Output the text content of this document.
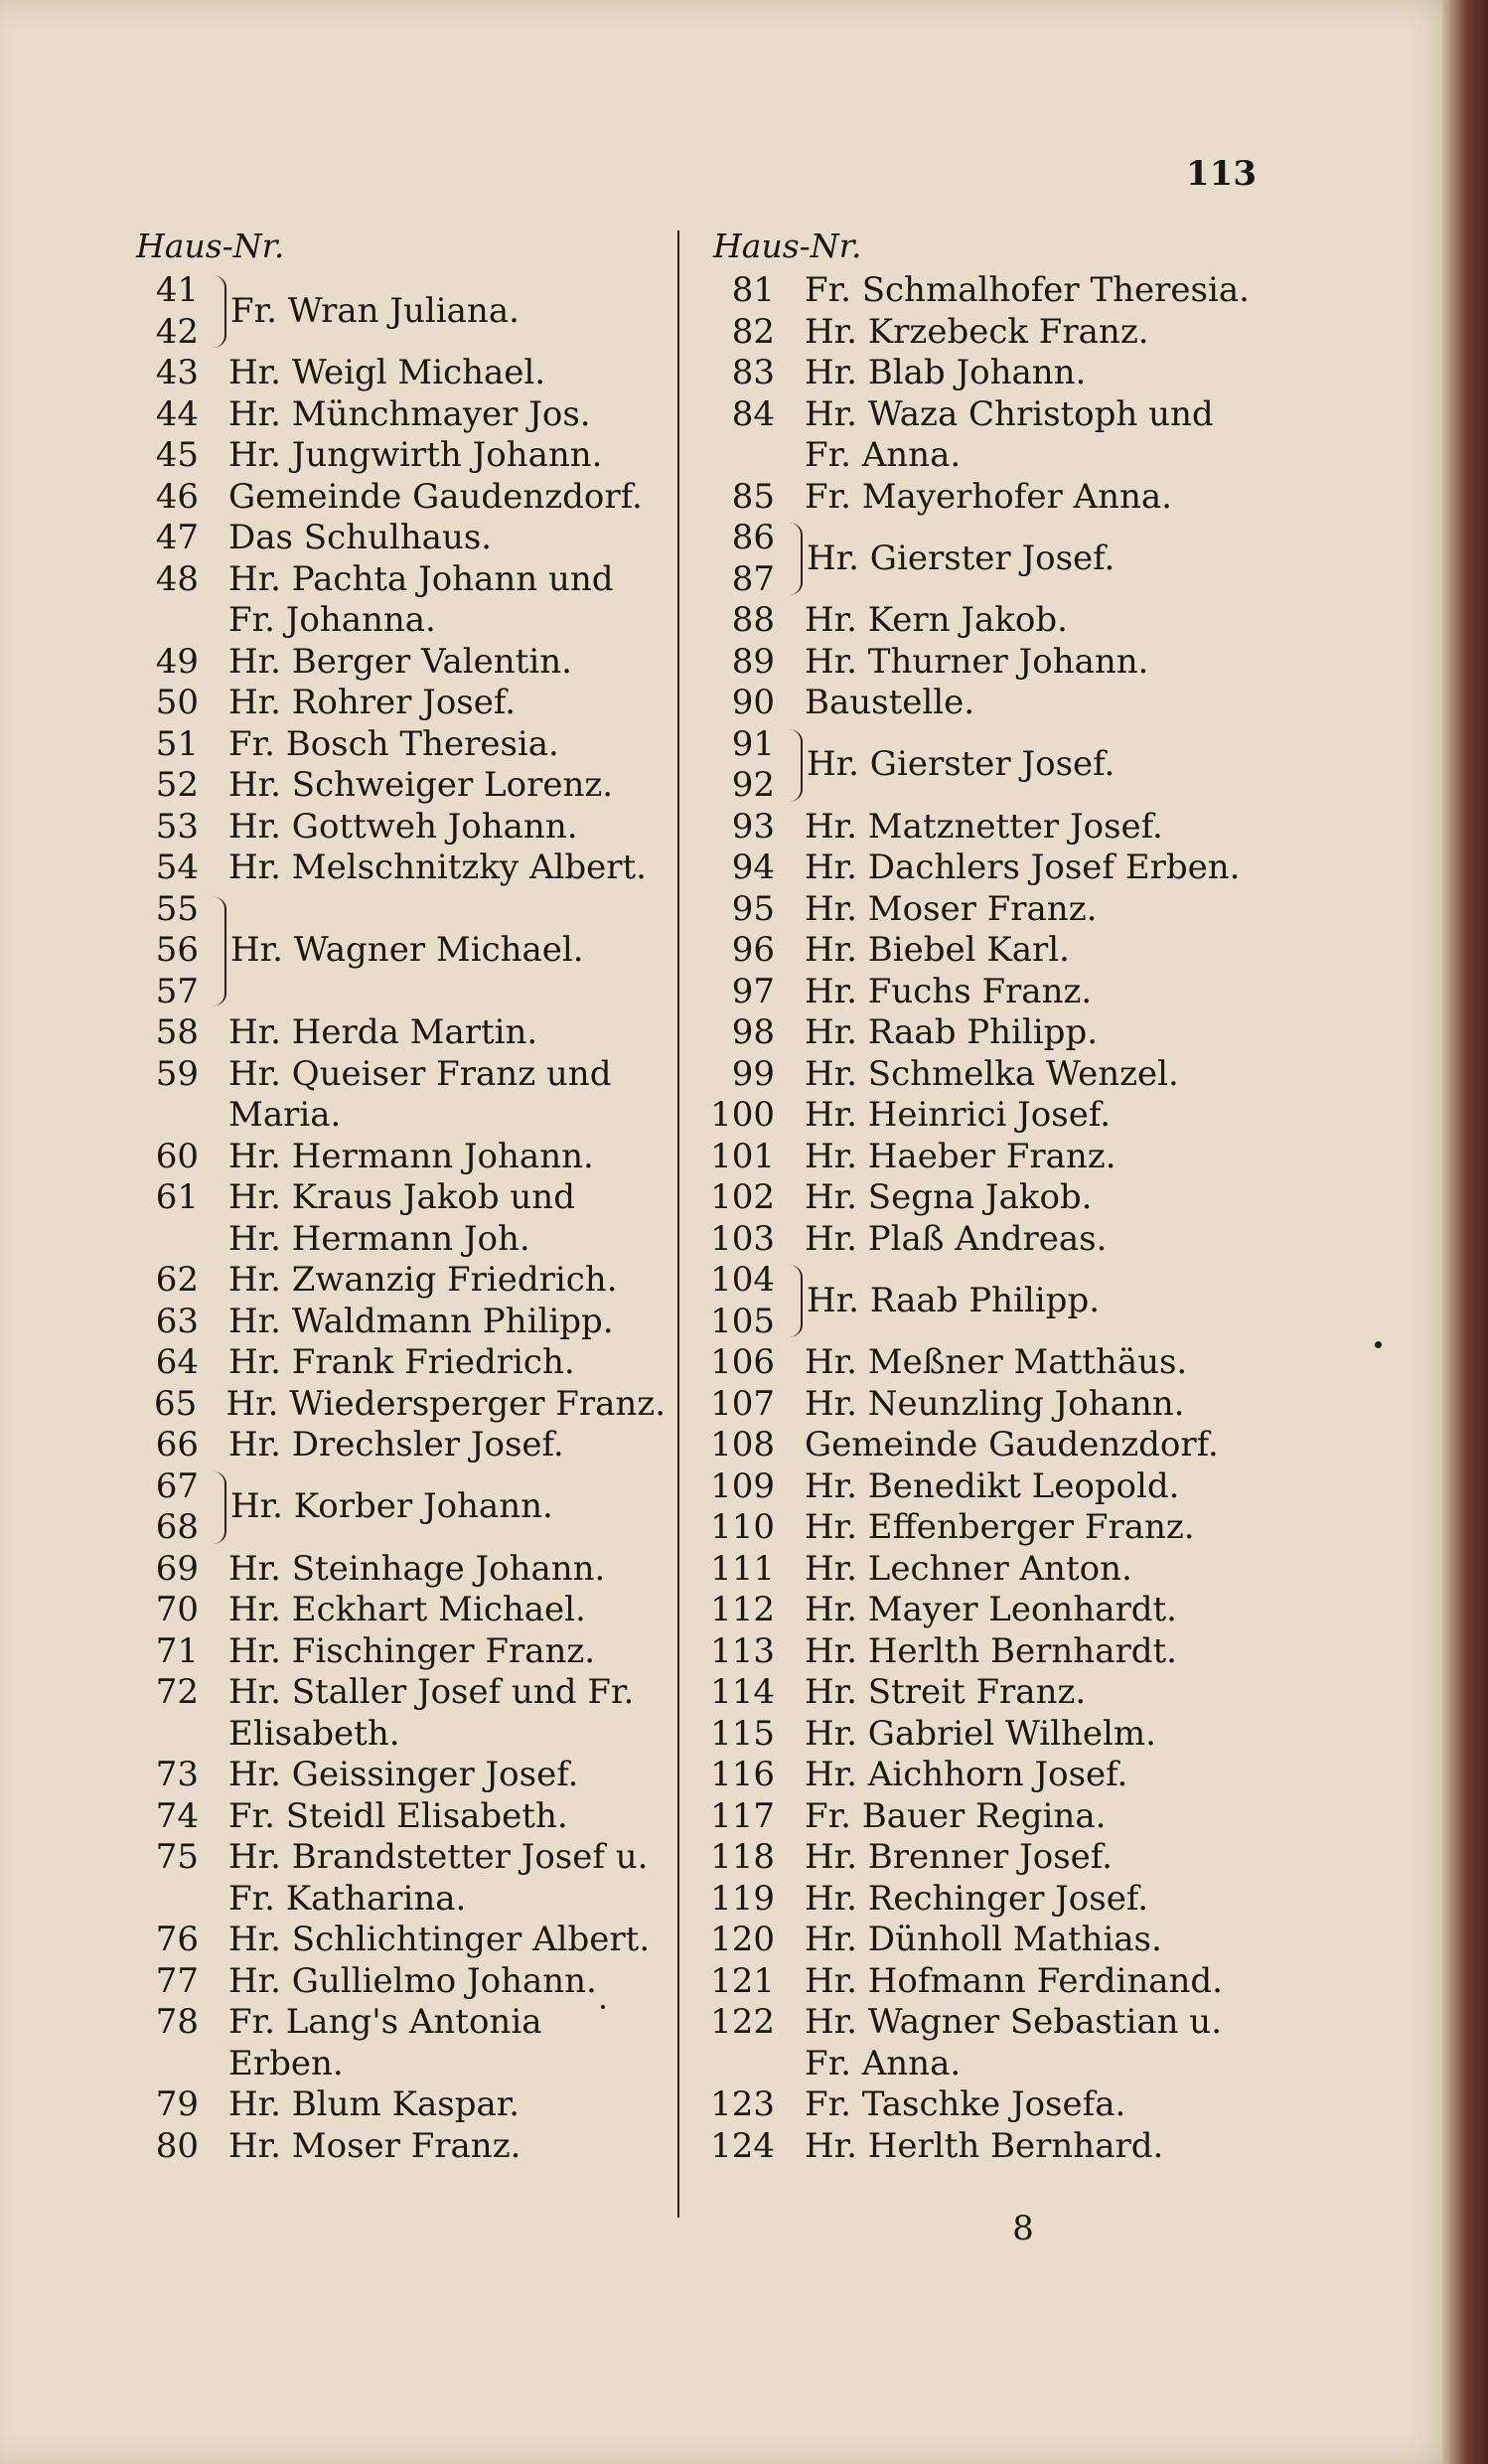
113
Haus-Nr.	Haus-Nr.
41
42
Fr. Wran Juliana.
43 Hr. Weigl Michael.
44 Hr. Münchmayer Jos.
45 Hr. Jungwirth Johann.
46 Gemeinde Gaudenzdorf.
47 Das Schulhaus.
48 Hr. Pachta Johann und
Fr. Johanna.
49 Hr. Berger Valentin.
50 Hr. Rohrer Josef.
51 Fr. Bosch Theresia.
52 Hr. Schweiger Lorenz.
53 Hr. Gottweh Johann.
54 Hr. Melschnitzky Albert.
55
56
57
Hr. Wagner Michael.
58 Hr. Herda Martin.
59 Hr. Queiser Franz und
Maria.
60 Hr. Hermann Johann.
61 Hr. Kraus Jakob und
Hr. Hermann Joh.
62 Hr. Zwanzig Friedrich.
63 Hr. Waldmann Philipp.
64 Hr. Frank Friedrich.
65 Hr. Wiedersperger Franz.
66 Hr. Drechsler Josef.
67
68
Hr. Korber Johann.
69 Hr. Steinhage Johann.
70 Hr. Eckhart Michael.
71 Hr. Fischinger Franz.
72 Hr. Staller Josef und Fr.
Elisabeth.
73 Hr. Geissinger Josef.
74 Fr. Steidl Elisabeth.
75 Hr. Brandstetter Josef u.
Fr. Katharina.
76 Hr. Schlichtinger Albert.
77 Hr. Gullielmo Johann.
78 Fr. Lang's Antonia
Erben.
79 Hr. Blum Kaspar.
80 Hr. Moser Franz.
81 Fr. Schmalhofer Theresia.
82 Hr. Krzebeck Franz.
83 Hr. Blab Johann.
84 Hr. Waza Christoph und
Fr. Anna.
85 Fr. Mayerhofer Anna.
86
87
Hr. Gierster Josef.
88 Hr. Kern Jakob.
89 Hr. Thurner Johann.
90 Baustelle.
91
92
Hr. Gierster Josef.
93 Hr. Matznetter Josef.
94 Hr. Dachlers Josef Erben.
95 Hr. Moser Franz.
96 Hr. Biebel Karl.
97 Hr. Fuchs Franz.
98 Hr. Raab Philipp.
99 Hr. Schmelka Wenzel.
100 Hr. Heinrici Josef.
101 Hr. Haeber Franz.
102 Hr. Segna Jakob.
103 Hr. Plaß Andreas.
104
105
Hr. Raab Philipp.
106 Hr. Meßner Matthäus.
107 Hr. Neunzling Johann.
108 Gemeinde Gaudenzdorf.
109 Hr. Benedikt Leopold.
110 Hr. Effenberger Franz.
111 Hr. Lechner Anton.
112 Hr. Mayer Leonhardt.
113 Hr. Herlth Bernhardt.
114 Hr. Streit Franz.
115 Hr. Gabriel Wilhelm.
116 Hr. Aichhorn Josef.
117 Fr. Bauer Regina.
118 Hr. Brenner Josef.
119 Hr. Rechinger Josef.
120 Hr. Dünholl Mathias.
121 Hr. Hofmann Ferdinand.
122 Hr. Wagner Sebastian u.
Fr. Anna.
123 Fr. Taschke Josefa.
124 Hr. Herlth Bernhard.
8
